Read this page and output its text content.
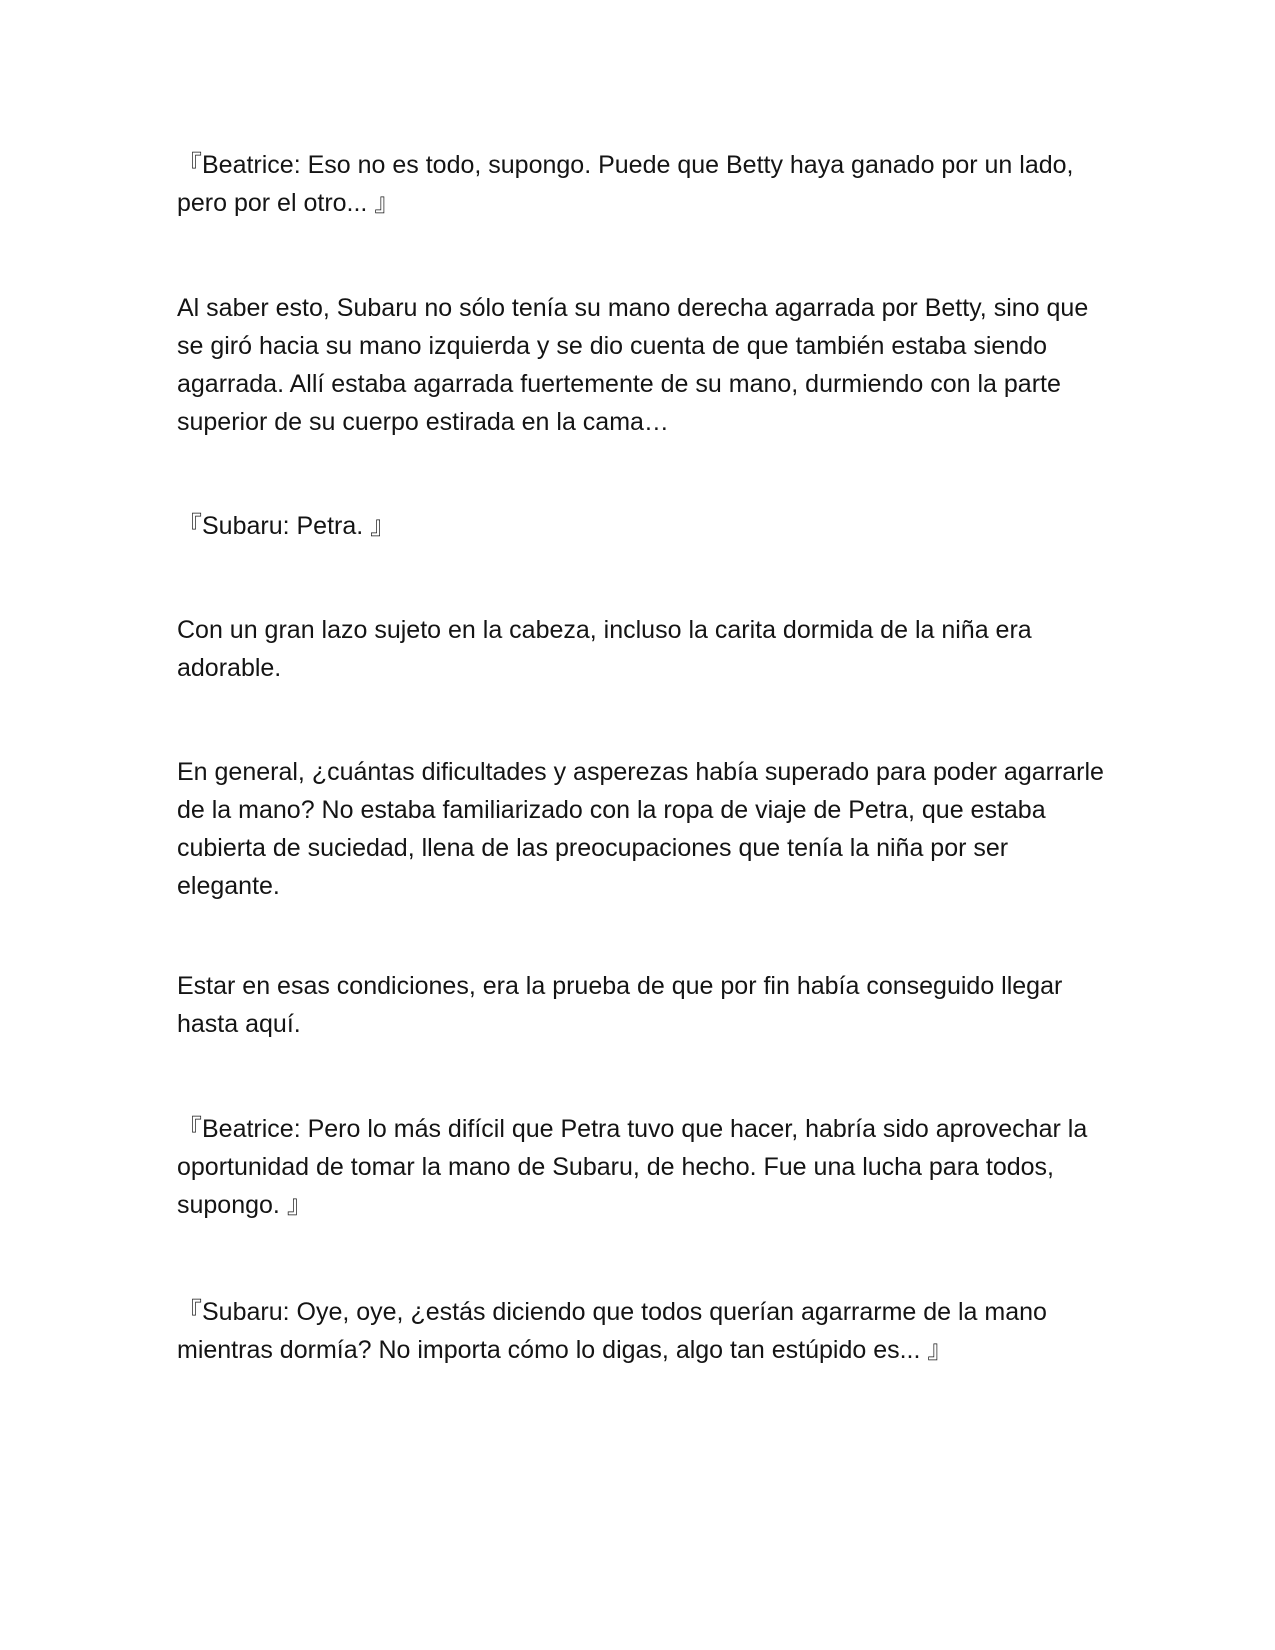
『Beatrice: Eso no es todo, supongo. Puede que Betty haya ganado por un lado, pero por el otro... 』

Al saber esto, Subaru no sólo tenía su mano derecha agarrada por Betty, sino que se giró hacia su mano izquierda y se dio cuenta de que también estaba siendo agarrada. Allí estaba agarrada fuertemente de su mano, durmiendo con la parte superior de su cuerpo estirada en la cama…

『Subaru: Petra. 』

Con un gran lazo sujeto en la cabeza, incluso la carita dormida de la niña era adorable.

En general, ¿cuántas dificultades y asperezas había superado para poder agarrarle de la mano? No estaba familiarizado con la ropa de viaje de Petra, que estaba cubierta de suciedad, llena de las preocupaciones que tenía la niña por ser elegante.

Estar en esas condiciones, era la prueba de que por fin había conseguido llegar hasta aquí.

『Beatrice: Pero lo más difícil que Petra tuvo que hacer, habría sido aprovechar la oportunidad de tomar la mano de Subaru, de hecho. Fue una lucha para todos, supongo. 』

『Subaru: Oye, oye, ¿estás diciendo que todos querían agarrarme de la mano mientras dormía? No importa cómo lo digas, algo tan estúpido es... 』
